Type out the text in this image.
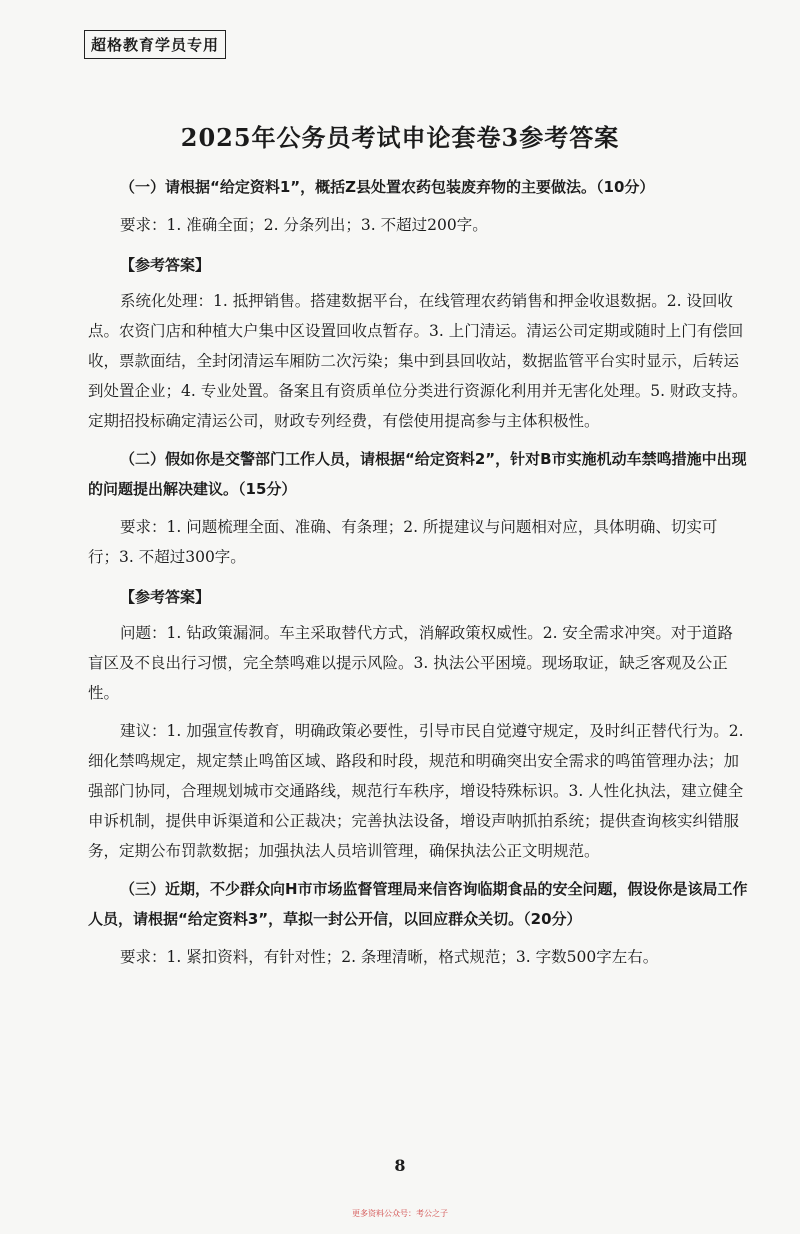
超格教育学员专用
2025年公务员考试申论套卷3参考答案

（一）请根据“给定资料1”，概括Z县处置农药包装废弃物的主要做法。（10分）

要求：1. 准确全面；2. 分条列出；3. 不超过200字。

【参考答案】

系统化处理：1. 抵押销售。搭建数据平台，在线管理农药销售和押金收退数据。2. 设回收点。农资门店和种植大户集中区设置回收点暂存。3. 上门清运。清运公司定期或随时上门有偿回收，票款面结，全封闭清运车厢防二次污染；集中到县回收站，数据监管平台实时显示，后转运到处置企业；4. 专业处置。备案且有资质单位分类进行资源化利用并无害化处理。5. 财政支持。定期招投标确定清运公司，财政专列经费，有偿使用提高参与主体积极性。

（二）假如你是交警部门工作人员，请根据“给定资料2”，针对B市实施机动车禁鸣措施中出现的问题提出解决建议。（15分）

要求：1. 问题梳理全面、准确、有条理；2. 所提建议与问题相对应，具体明确、切实可行；3. 不超过300字。

【参考答案】

问题：1. 钻政策漏洞。车主采取替代方式，消解政策权威性。2. 安全需求冲突。对于道路盲区及不良出行习惯，完全禁鸣难以提示风险。3. 执法公平困境。现场取证，缺乏客观及公正性。

建议：1. 加强宣传教育，明确政策必要性，引导市民自觉遵守规定，及时纠正替代行为。2. 细化禁鸣规定，规定禁止鸣笛区域、路段和时段，规范和明确突出安全需求的鸣笛管理办法；加强部门协同，合理规划城市交通路线，规范行车秩序，增设特殊标识。3. 人性化执法，建立健全申诉机制，提供申诉渠道和公正裁决；完善执法设备，增设声呐抓拍系统；提供查询核实纠错服务，定期公布罚款数据；加强执法人员培训管理，确保执法公正文明规范。

（三）近期，不少群众向H市市场监督管理局来信咨询临期食品的安全问题，假设你是该局工作人员，请根据“给定资料3”，草拟一封公开信，以回应群众关切。（20分）

要求：1. 紧扣资料，有针对性；2. 条理清晰，格式规范；3. 字数500字左右。

8
更多资料公众号：考公之子
